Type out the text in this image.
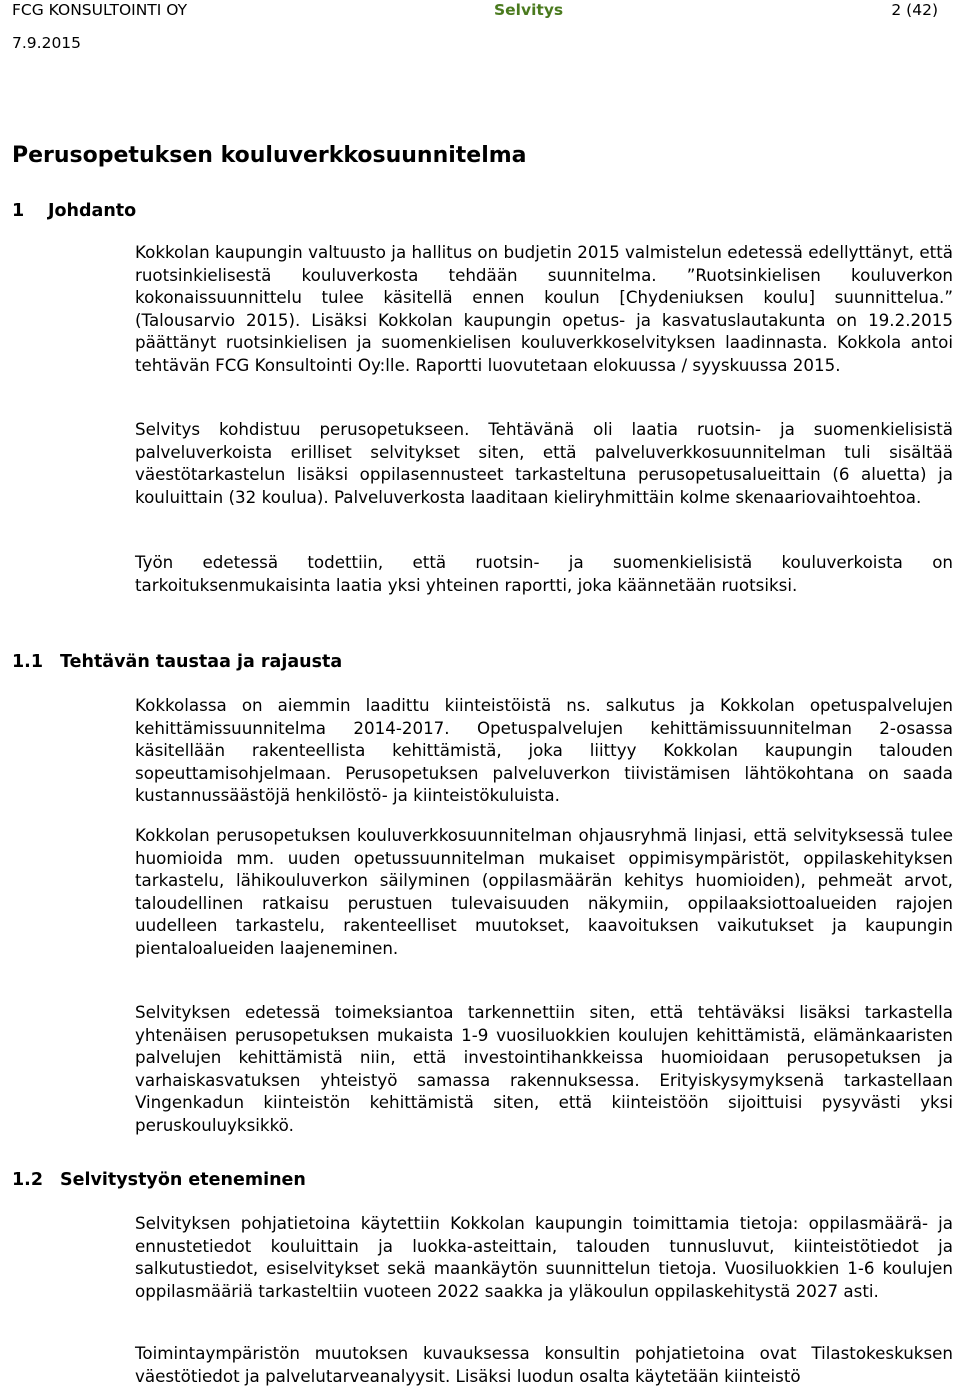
FCG KONSULTOINTI OY	Selvitys	2 (42)
7.9.2015
Perusopetuksen kouluverkkosuunnitelma
1 Johdanto

Kokkolan kaupungin valtuusto ja hallitus on budjetin 2015 valmistelun edetessä edellyttänyt, että ruotsinkielisestä kouluverkosta tehdään suunnitelma. ”Ruotsinkielisen kouluverkon kokonaissuunnittelu tulee käsitellä ennen koulun [Chydeniuksen koulu] suunnittelua.” (Talousarvio 2015). Lisäksi Kokkolan kaupungin opetus- ja kasvatuslautakunta on 19.2.2015 päättänyt ruotsinkielisen ja suomenkielisen kouluverkkoselvityksen laadinnasta. Kokkola antoi tehtävän FCG Konsultointi Oy:lle. Raportti luovutetaan elokuussa / syyskuussa 2015.

Selvitys kohdistuu perusopetukseen. Tehtävänä oli laatia ruotsin- ja suomenkielisistä palveluverkoista erilliset selvitykset siten, että palveluverkkosuunnitelman tuli sisältää väestötarkastelun lisäksi oppilasennusteet tarkasteltuna perusopetusalueittain (6 aluetta) ja kouluittain (32 koulua). Palveluverkosta laaditaan kieliryhmittäin kolme skenaariovaihtoehtoa.

Työn edetessä todettiin, että ruotsin- ja suomenkielisistä kouluverkoista on tarkoituksenmukaisinta laatia yksi yhteinen raportti, joka käännetään ruotsiksi.

1.1 Tehtävän taustaa ja rajausta

Kokkolassa on aiemmin laadittu kiinteistöistä ns. salkutus ja Kokkolan opetuspalvelujen kehittämissuunnitelma 2014-2017. Opetuspalvelujen kehittämissuunnitelman 2-osassa käsitellään rakenteellista kehittämistä, joka liittyy Kokkolan kaupungin talouden sopeuttamisohjelmaan. Perusopetuksen palveluverkon tiivistämisen lähtökohtana on saada kustannussäästöjä henkilöstö- ja kiinteistökuluista.

Kokkolan perusopetuksen kouluverkkosuunnitelman ohjausryhmä linjasi, että selvityksessä tulee huomioida mm. uuden opetussuunnitelman mukaiset oppimisympäristöt, oppilaskehityksen tarkastelu, lähikouluverkon säilyminen (oppilasmäärän kehitys huomioiden), pehmeät arvot, taloudellinen ratkaisu perustuen tulevaisuuden näkymiin, oppilaaksiottoalueiden rajojen uudelleen tarkastelu, rakenteelliset muutokset, kaavoituksen vaikutukset ja kaupungin pientaloalueiden laajeneminen.

Selvityksen edetessä toimeksiantoa tarkennettiin siten, että tehtäväksi lisäksi tarkastella yhtenäisen perusopetuksen mukaista 1-9 vuosiluokkien koulujen kehittämistä, elämänkaaristen palvelujen kehittämistä niin, että investointihankkeissa huomioidaan perusopetuksen ja varhaiskasvatuksen yhteistyö samassa rakennuksessa. Erityiskysymyksenä tarkastellaan Vingenkadun kiinteistön kehittämistä siten, että kiinteistöön sijoittuisi pysyvästi yksi peruskouluyksikkö.

1.2 Selvitystyön eteneminen

Selvityksen pohjatietoina käytettiin Kokkolan kaupungin toimittamia tietoja: oppilasmäärä- ja ennustetiedot kouluittain ja luokka-asteittain, talouden tunnusluvut, kiinteistötiedot ja salkutustiedot, esiselvitykset sekä maankäytön suunnittelun tietoja. Vuosiluokkien 1-6 koulujen oppilasmääriä tarkasteltiin vuoteen 2022 saakka ja yläkoulun oppilaskehitystä 2027 asti.

Toimintaympäristön muutoksen kuvauksessa konsultin pohjatietoina ovat Tilastokeskuksen väestötiedot ja palvelutarveanalyysit. Lisäksi luodun osalta käytetään kiinteistö
